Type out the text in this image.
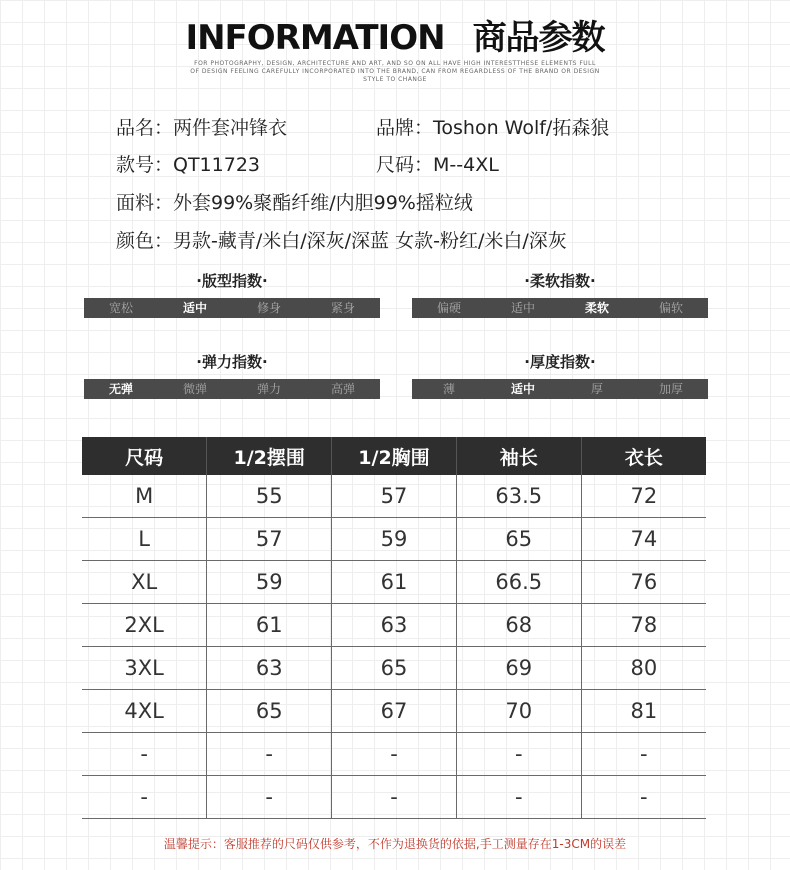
INFORMATION 商品参数
FOR PHOTOGRAPHY, DESIGN, ARCHITECTURE AND ART, AND SO ON ALL HAVE HIGH INTERESTTHESE ELEMENTS FULL OF DESIGN FEELING CAREFULLY INCORPORATED INTO THE BRAND, CAN FROM REGARDLESS OF THE BRAND OR DESIGN STYLE TO CHANGE
品名：两件套冲锋衣	品牌：Toshon Wolf/拓森狼
款号：QT11723	尺码：M--4XL
面料：外套99%聚酯纤维/内胆99%摇粒绒
颜色：男款-藏青/米白/深灰/深蓝 女款-粉红/米白/深灰
·版型指数·
宽松	适中	修身	紧身
·柔软指数·
偏硬	适中	柔软	偏软
·弹力指数·
无弹	微弹	弹力	高弹
·厚度指数·
薄	适中	厚	加厚
尺码	1/2摆围	1/2胸围	袖长	衣长
M	55	57	63.5	72
L	57	59	65	74
XL	59	61	66.5	76
2XL	61	63	68	78
3XL	63	65	69	80
4XL	65	67	70	81
-	-	-	-	-
-	-	-	-	-
温馨提示：客服推荐的尺码仅供参考，不作为退换货的依据,手工测量存在1-3CM的误差
